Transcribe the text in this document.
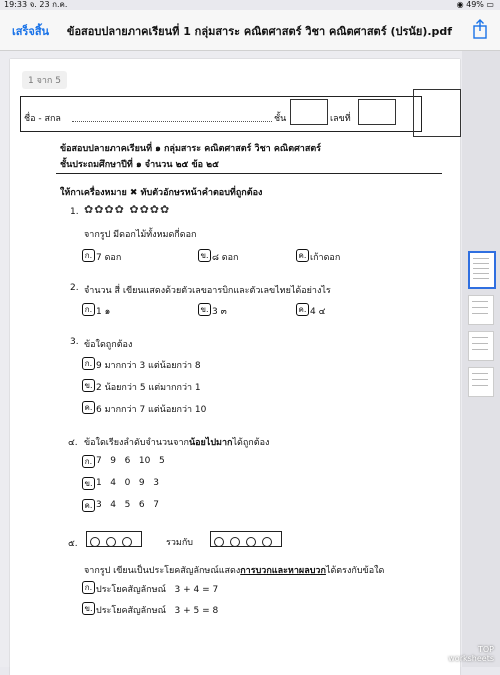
19:33 จ. 23 ก.ค.	◉ 49% ▭
เสร็จสิ้น	ข้อสอบปลายภาคเรียนที่ 1 กลุ่มสาระ คณิตศาสตร์ วิชา คณิตศาสตร์ (ปรนัย).pdf
1 จาก 5
ชื่อ - สกล	ชั้น	เลขที่
ข้อสอบปลายภาคเรียนที่ ๑ กลุ่มสาระ คณิตศาสตร์ วิชา คณิตศาสตร์
ชั้นประถมศึกษาปีที่ ๑ จำนวน ๒๕ ข้อ ๒๕
ให้กาเครื่องหมาย ✖ ทับตัวอักษรหน้าคำตอบที่ถูกต้อง
1. ✿✿✿✿ ✿✿✿✿
จากรูป มีดอกไม้ทั้งหมดกี่ดอก
ก. 7 ดอก	ข. ๘ ดอก	ค. เก้าดอก
2. จำนวน สี่ เขียนแสดงด้วยตัวเลขอารบิกและตัวเลขไทยได้อย่างไร
ก. 1 ๑	ข. 3 ๓	ค. 4 ๔
3. ข้อใดถูกต้อง
ก. 9 มากกว่า 3 แต่น้อยกว่า 8
ข. 2 น้อยกว่า 5 แต่มากกว่า 1
ค. 6 มากกว่า 7 แต่น้อยกว่า 10
๔. ข้อใดเรียงลำดับจำนวนจากน้อยไปมากได้ถูกต้อง
ก. 7   9   6   10   5
ข. 1   4   0   9   3
ค. 3   4   5   6   7
๕.	รวมกับ
จากรูป เขียนเป็นประโยคสัญลักษณ์แสดงการบวกและหาผลบวกได้ตรงกับข้อใด
ก. ประโยคสัญลักษณ์   3 + 4 = 7
ข. ประโยคสัญลักษณ์   3 + 5 = 8
TOP
worksheets
